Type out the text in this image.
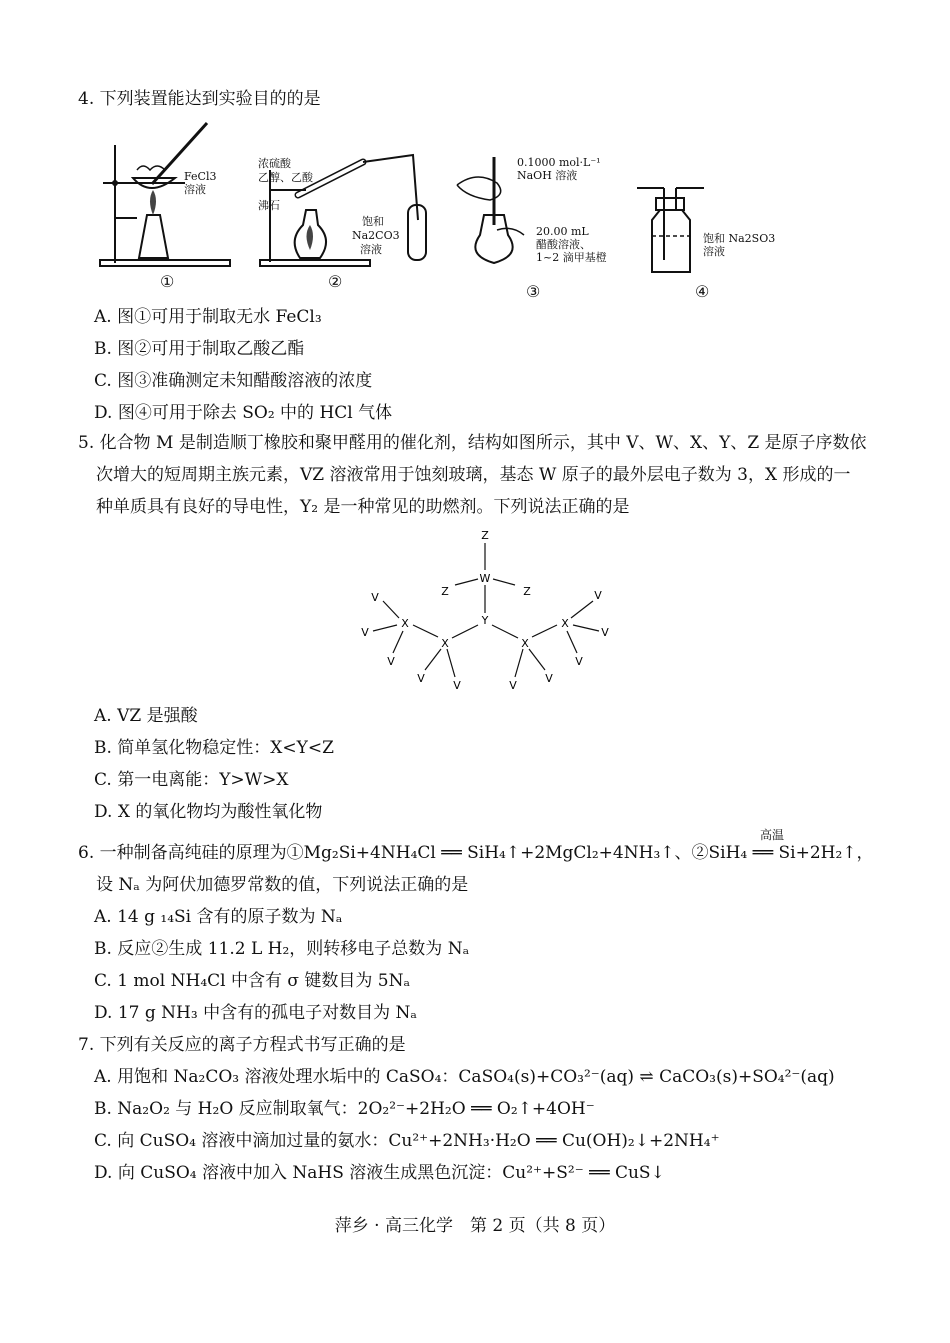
4. 下列装置能达到实验目的的是
FeCl3
溶液
①
浓硫酸
乙醇、乙酸
沸石
饱和
Na2CO3
溶液
②
0.1000 mol·L⁻¹
NaOH 溶液
20.00 mL
醋酸溶液、
1~2 滴甲基橙
③
饱和 Na2SO3
溶液
④
A. 图①可用于制取无水 FeCl₃
B. 图②可用于制取乙酸乙酯
C. 图③准确测定未知醋酸溶液的浓度
D. 图④可用于除去 SO₂ 中的 HCl 气体
5. 化合物 M 是制造顺丁橡胶和聚甲醛用的催化剂，结构如图所示，其中 V、W、X、Y、Z 是原子序数依
次增大的短周期主族元素，VZ 溶液常用于蚀刻玻璃，基态 W 原子的最外层电子数为 3，X 形成的一
种单质具有良好的导电性，Y₂ 是一种常见的助燃剂。下列说法正确的是
Z
W
Z	Z
Y
X	X
X	X
V
V
V
V
V	V
V
V
V
V
A. VZ 是强酸
B. 简单氢化物稳定性：X<Y<Z
C. 第一电离能：Y>W>X
D. X 的氧化物均为酸性氧化物
高温
6. 一种制备高纯硅的原理为①Mg₂Si+4NH₄Cl ══ SiH₄↑+2MgCl₂+4NH₃↑、②SiH₄ ══ Si+2H₂↑，
设 Nₐ 为阿伏加德罗常数的值，下列说法正确的是
A. 14 g ₁₄Si 含有的原子数为 Nₐ
B. 反应②生成 11.2 L H₂，则转移电子总数为 Nₐ
C. 1 mol NH₄Cl 中含有 σ 键数目为 5Nₐ
D. 17 g NH₃ 中含有的孤电子对数目为 Nₐ
7. 下列有关反应的离子方程式书写正确的是
A. 用饱和 Na₂CO₃ 溶液处理水垢中的 CaSO₄：CaSO₄(s)+CO₃²⁻(aq) ⇌ CaCO₃(s)+SO₄²⁻(aq)
B. Na₂O₂ 与 H₂O 反应制取氧气：2O₂²⁻+2H₂O ══ O₂↑+4OH⁻
C. 向 CuSO₄ 溶液中滴加过量的氨水：Cu²⁺+2NH₃·H₂O ══ Cu(OH)₂↓+2NH₄⁺
D. 向 CuSO₄ 溶液中加入 NaHS 溶液生成黑色沉淀：Cu²⁺+S²⁻ ══ CuS↓
萍乡 · 高三化学　第 2 页（共 8 页）
